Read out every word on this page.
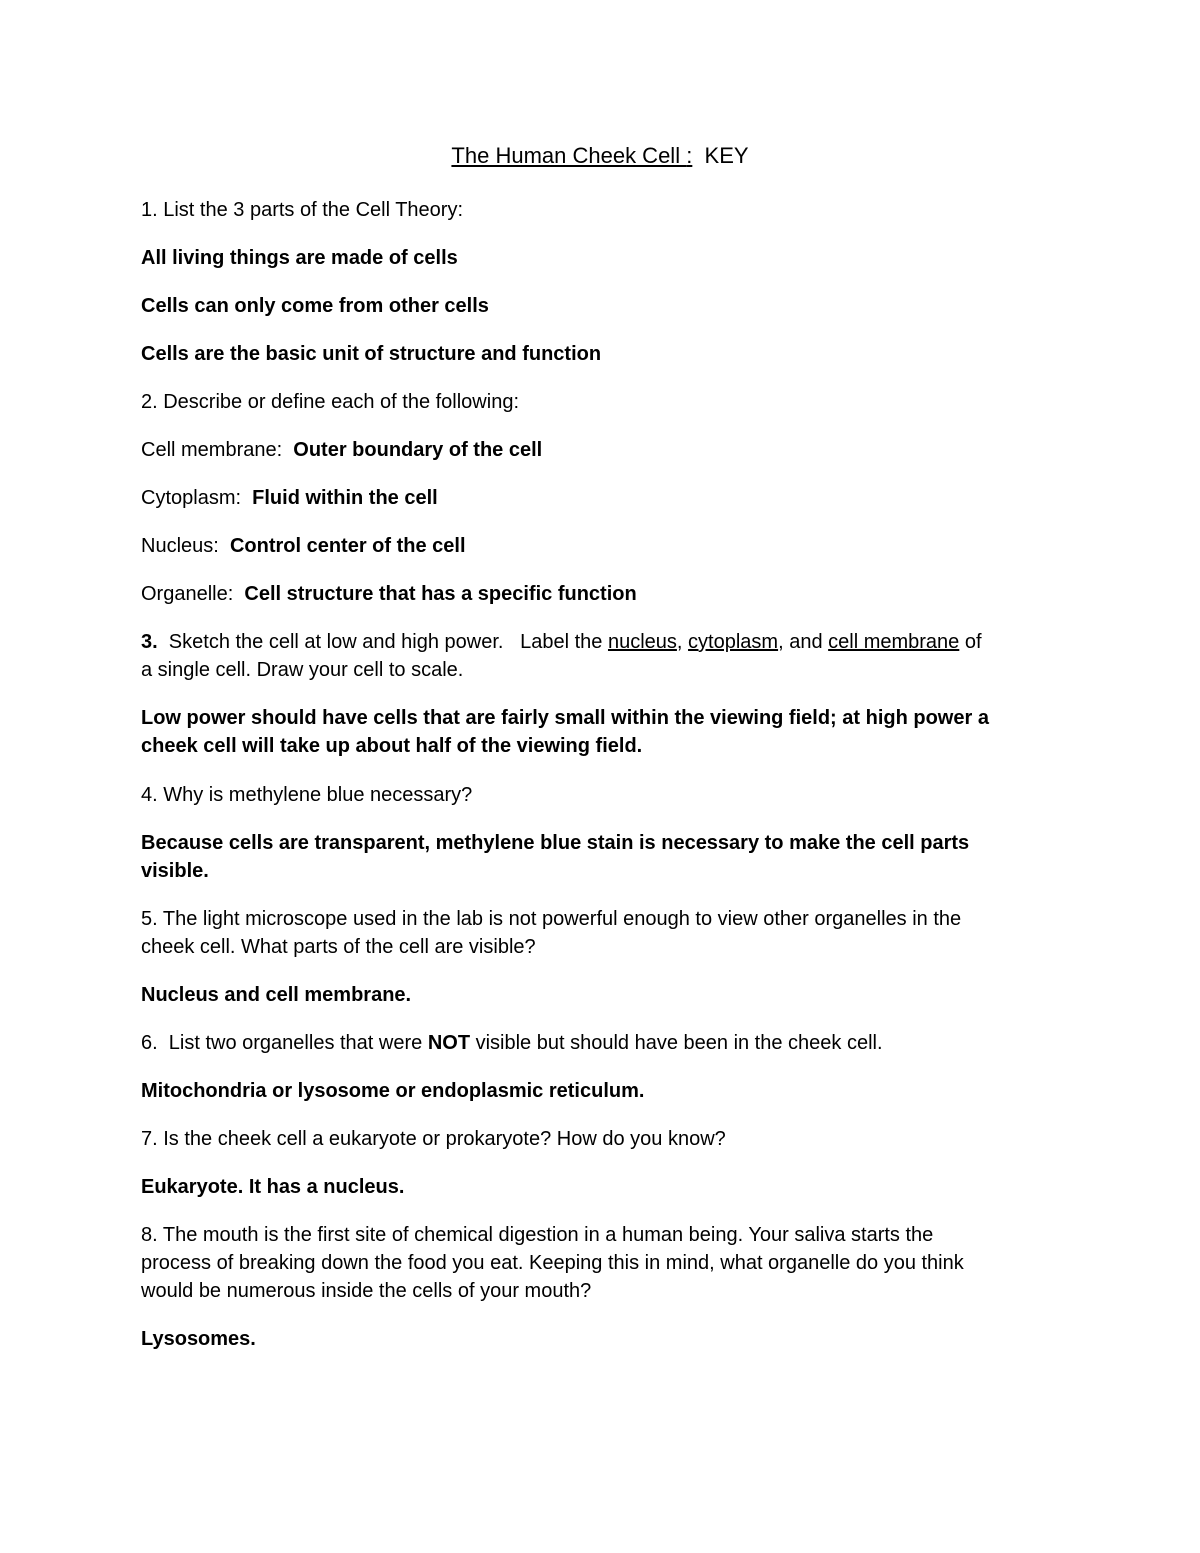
The Human Cheek Cell :  KEY
1. List the 3 parts of the Cell Theory:
All living things are made of cells
Cells can only come from other cells
Cells are the basic unit of structure and function
2. Describe or define each of the following:
Cell membrane:  Outer boundary of the cell
Cytoplasm:  Fluid within the cell
Nucleus:  Control center of the cell
Organelle:  Cell structure that has a specific function
3.  Sketch the cell at low and high power.   Label the nucleus, cytoplasm, and cell membrane of
a single cell. Draw your cell to scale.
Low power should have cells that are fairly small within the viewing field; at high power a
cheek cell will take up about half of the viewing field.
4. Why is methylene blue necessary?
Because cells are transparent, methylene blue stain is necessary to make the cell parts
visible.
5. The light microscope used in the lab is not powerful enough to view other organelles in the
cheek cell. What parts of the cell are visible?
Nucleus and cell membrane.
6.  List two organelles that were NOT visible but should have been in the cheek cell.
Mitochondria or lysosome or endoplasmic reticulum.
7. Is the cheek cell a eukaryote or prokaryote? How do you know?
Eukaryote. It has a nucleus.
8. The mouth is the first site of chemical digestion in a human being. Your saliva starts the
process of breaking down the food you eat. Keeping this in mind, what organelle do you think
would be numerous inside the cells of your mouth?
Lysosomes.
